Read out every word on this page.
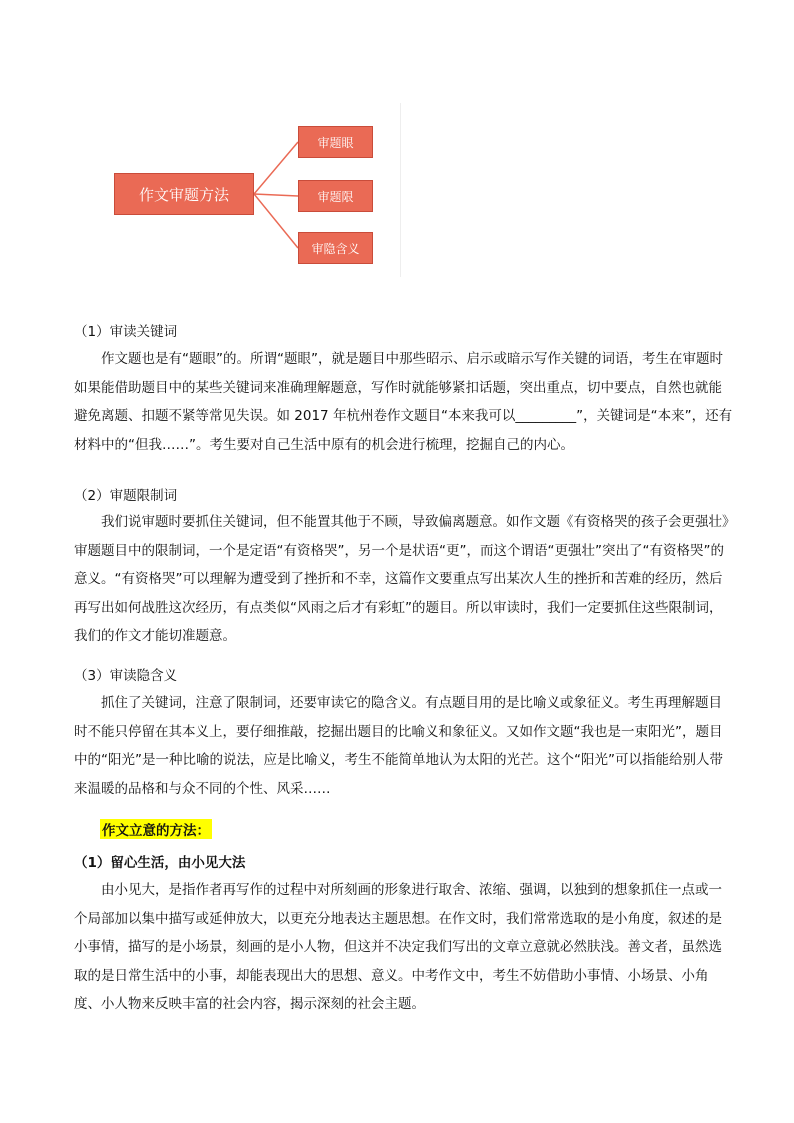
作文审题方法
审题眼
审题限
审隐含义
（1）审读关键词

作文题也是有“题眼”的。所谓“题眼”，就是题目中那些昭示、启示或暗示写作关键的词语，考生在审题时如果能借助题目中的某些关键词来准确理解题意，写作时就能够紧扣话题，突出重点，切中要点，自然也就能避免离题、扣题不紧等常见失误。如 2017 年杭州卷作文题目“本来我可以_________”，关键词是“本来”，还有材料中的“但我……”。考生要对自己生活中原有的机会进行梳理，挖掘自己的内心。

（2）审题限制词

我们说审题时要抓住关键词，但不能置其他于不顾，导致偏离题意。如作文题《有资格哭的孩子会更强壮》审题题目中的限制词，一个是定语“有资格哭”，另一个是状语“更”，而这个谓语“更强壮”突出了“有资格哭”的意义。“有资格哭”可以理解为遭受到了挫折和不幸，这篇作文要重点写出某次人生的挫折和苦难的经历，然后再写出如何战胜这次经历，有点类似“风雨之后才有彩虹”的题目。所以审读时，我们一定要抓住这些限制词，我们的作文才能切准题意。

（3）审读隐含义

抓住了关键词，注意了限制词，还要审读它的隐含义。有点题目用的是比喻义或象征义。考生再理解题目时不能只停留在其本义上，要仔细推敲，挖掘出题目的比喻义和象征义。又如作文题“我也是一束阳光”，题目中的“阳光”是一种比喻的说法，应是比喻义，考生不能简单地认为太阳的光芒。这个“阳光”可以指能给别人带来温暖的品格和与众不同的个性、风采……

作文立意的方法：
（1）留心生活，由小见大法

由小见大，是指作者再写作的过程中对所刻画的形象进行取舍、浓缩、强调，以独到的想象抓住一点或一个局部加以集中描写或延伸放大，以更充分地表达主题思想。在作文时，我们常常选取的是小角度，叙述的是小事情，描写的是小场景，刻画的是小人物，但这并不决定我们写出的文章立意就必然肤浅。善文者，虽然选取的是日常生活中的小事，却能表现出大的思想、意义。中考作文中，考生不妨借助小事情、小场景、小角度、小人物来反映丰富的社会内容，揭示深刻的社会主题。
